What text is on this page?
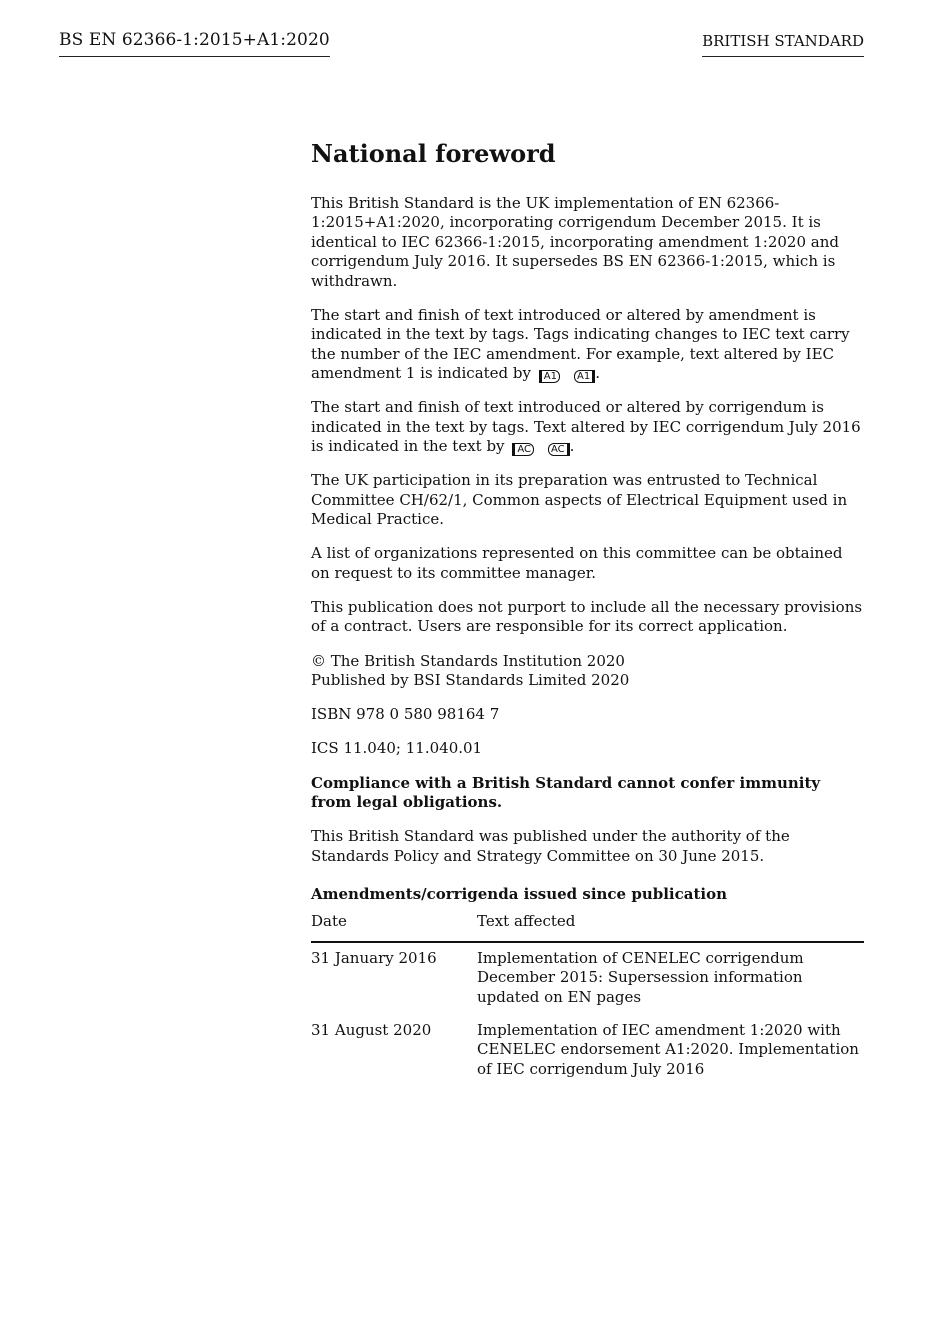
BS EN 62366-1:2015+A1:2020	BRITISH STANDARD
National foreword

This British Standard is the UK implementation of EN 62366-1:2015+A1:2020, incorporating corrigendum December 2015. It is identical to IEC 62366-1:2015, incorporating amendment 1:2020 and corrigendum July 2016. It supersedes BS EN 62366-1:2015, which is withdrawn.

The start and finish of text introduced or altered by amendment is indicated in the text by tags. Tags indicating changes to IEC text carry the number of the IEC amendment. For example, text altered by IEC amendment 1 is indicated by A1 A1 .

The start and finish of text introduced or altered by corrigendum is indicated in the text by tags. Text altered by IEC corrigendum July 2016 is indicated in the text by AC AC .

The UK participation in its preparation was entrusted to Technical Committee CH/62/1, Common aspects of Electrical Equipment used in Medical Practice.

A list of organizations represented on this committee can be obtained on request to its committee manager.

This publication does not purport to include all the necessary provisions of a contract. Users are responsible for its correct application.

© The British Standards Institution 2020
Published by BSI Standards Limited 2020

ISBN 978 0 580 98164 7

ICS 11.040; 11.040.01

Compliance with a British Standard cannot confer immunity from legal obligations.

This British Standard was published under the authority of the Standards Policy and Strategy Committee on 30 June 2015.

Amendments/corrigenda issued since publication
Date	Text affected
31 January 2016	Implementation of CENELEC corrigendum December 2015: Supersession information updated on EN pages
31 August 2020	Implementation of IEC amendment 1:2020 with CENELEC endorsement A1:2020. Implementation of IEC corrigendum July 2016
